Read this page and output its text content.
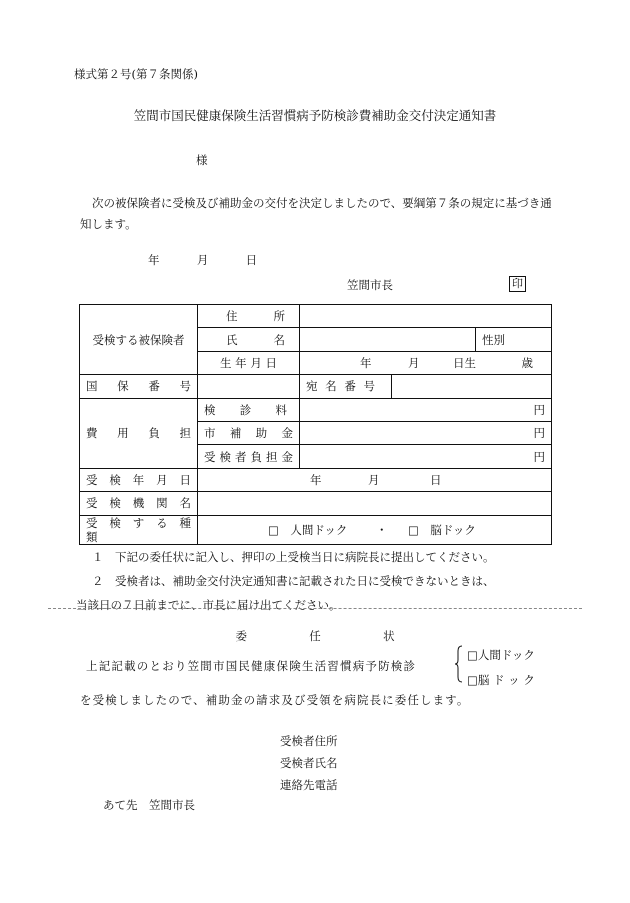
様式第２号(第７条関係)
笠間市国民健康保険生活習慣病予防検診費補助金交付決定通知書
様
次の被保険者に受検及び補助金の交付を決定しましたので、要綱第７条の規定に基づき通知します。
年	月	日
笠間市長	印
受検する被保険者	住　所			

	氏　名			性別
	生 年 月 日	年 月 日生 歳		

国　保　番　号		宛 名 番 号		

費　用　負　担	検　診　料	円		

	市　補　助　金	円		

	受検者負担金	円		

受　検　年　月　日	年 月 日			

受　検　機　関　名				

受　検　す　る　種　類	□　人間ドック ・ □　脳ドック			
１　下記の委任状に記入し、押印の上受検当日に病院長に提出してください。
２　受検者は、補助金交付決定通知書に記載された日に受検できないときは、
当該日の７日前までに、市長に届け出てください。
委	任	状
上記記載のとおり笠間市国民健康保険生活習慣病予防検診
□人間ドック
□脳 ド ッ ク
を受検しましたので、補助金の請求及び受領を病院長に委任します。
受検者住所
受検者氏名
連絡先電話
あて先　笠間市長
